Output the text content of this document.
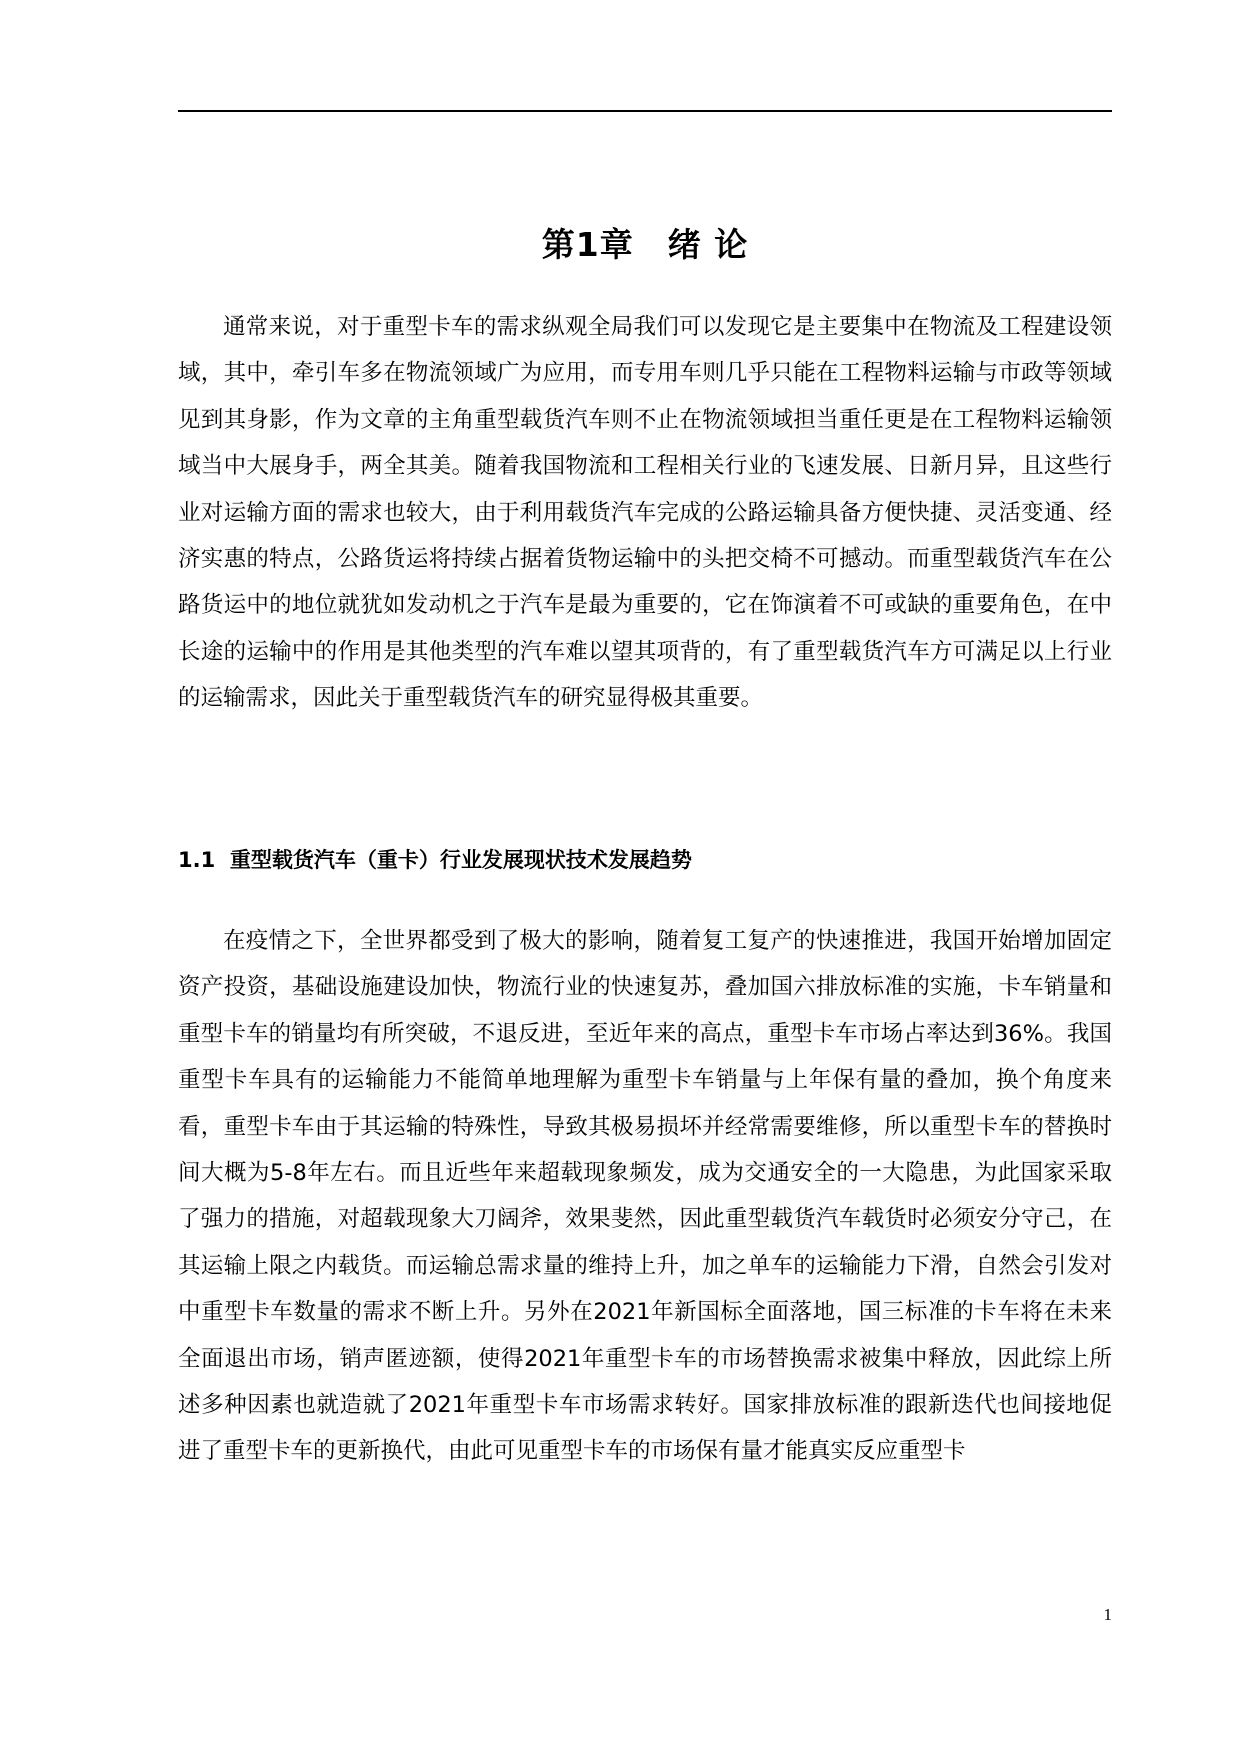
第1章　绪 论

通常来说，对于重型卡车的需求纵观全局我们可以发现它是主要集中在物流及工程建设领域，其中，牵引车多在物流领域广为应用，而专用车则几乎只能在工程物料运输与市政等领域见到其身影，作为文章的主角重型载货汽车则不止在物流领域担当重任更是在工程物料运输领域当中大展身手，两全其美。随着我国物流和工程相关行业的飞速发展、日新月异，且这些行业对运输方面的需求也较大，由于利用载货汽车完成的公路运输具备方便快捷、灵活变通、经济实惠的特点，公路货运将持续占据着货物运输中的头把交椅不可撼动。而重型载货汽车在公路货运中的地位就犹如发动机之于汽车是最为重要的，它在饰演着不可或缺的重要角色，在中长途的运输中的作用是其他类型的汽车难以望其项背的，有了重型载货汽车方可满足以上行业的运输需求，因此关于重型载货汽车的研究显得极其重要。

1.1  重型载货汽车（重卡）行业发展现状技术发展趋势

在疫情之下，全世界都受到了极大的影响，随着复工复产的快速推进，我国开始增加固定资产投资，基础设施建设加快，物流行业的快速复苏，叠加国六排放标准的实施，卡车销量和重型卡车的销量均有所突破，不退反进，至近年来的高点，重型卡车市场占率达到36%。我国重型卡车具有的运输能力不能简单地理解为重型卡车销量与上年保有量的叠加，换个角度来看，重型卡车由于其运输的特殊性，导致其极易损坏并经常需要维修，所以重型卡车的替换时间大概为5-8年左右。而且近些年来超载现象频发，成为交通安全的一大隐患，为此国家采取了强力的措施，对超载现象大刀阔斧，效果斐然，因此重型载货汽车载货时必须安分守己，在其运输上限之内载货。而运输总需求量的维持上升，加之单车的运输能力下滑，自然会引发对中重型卡车数量的需求不断上升。另外在2021年新国标全面落地，国三标准的卡车将在未来全面退出市场，销声匿迹额，使得2021年重型卡车的市场替换需求被集中释放，因此综上所述多种因素也就造就了2021年重型卡车市场需求转好。国家排放标准的跟新迭代也间接地促进了重型卡车的更新换代，由此可见重型卡车的市场保有量才能真实反应重型卡

1
